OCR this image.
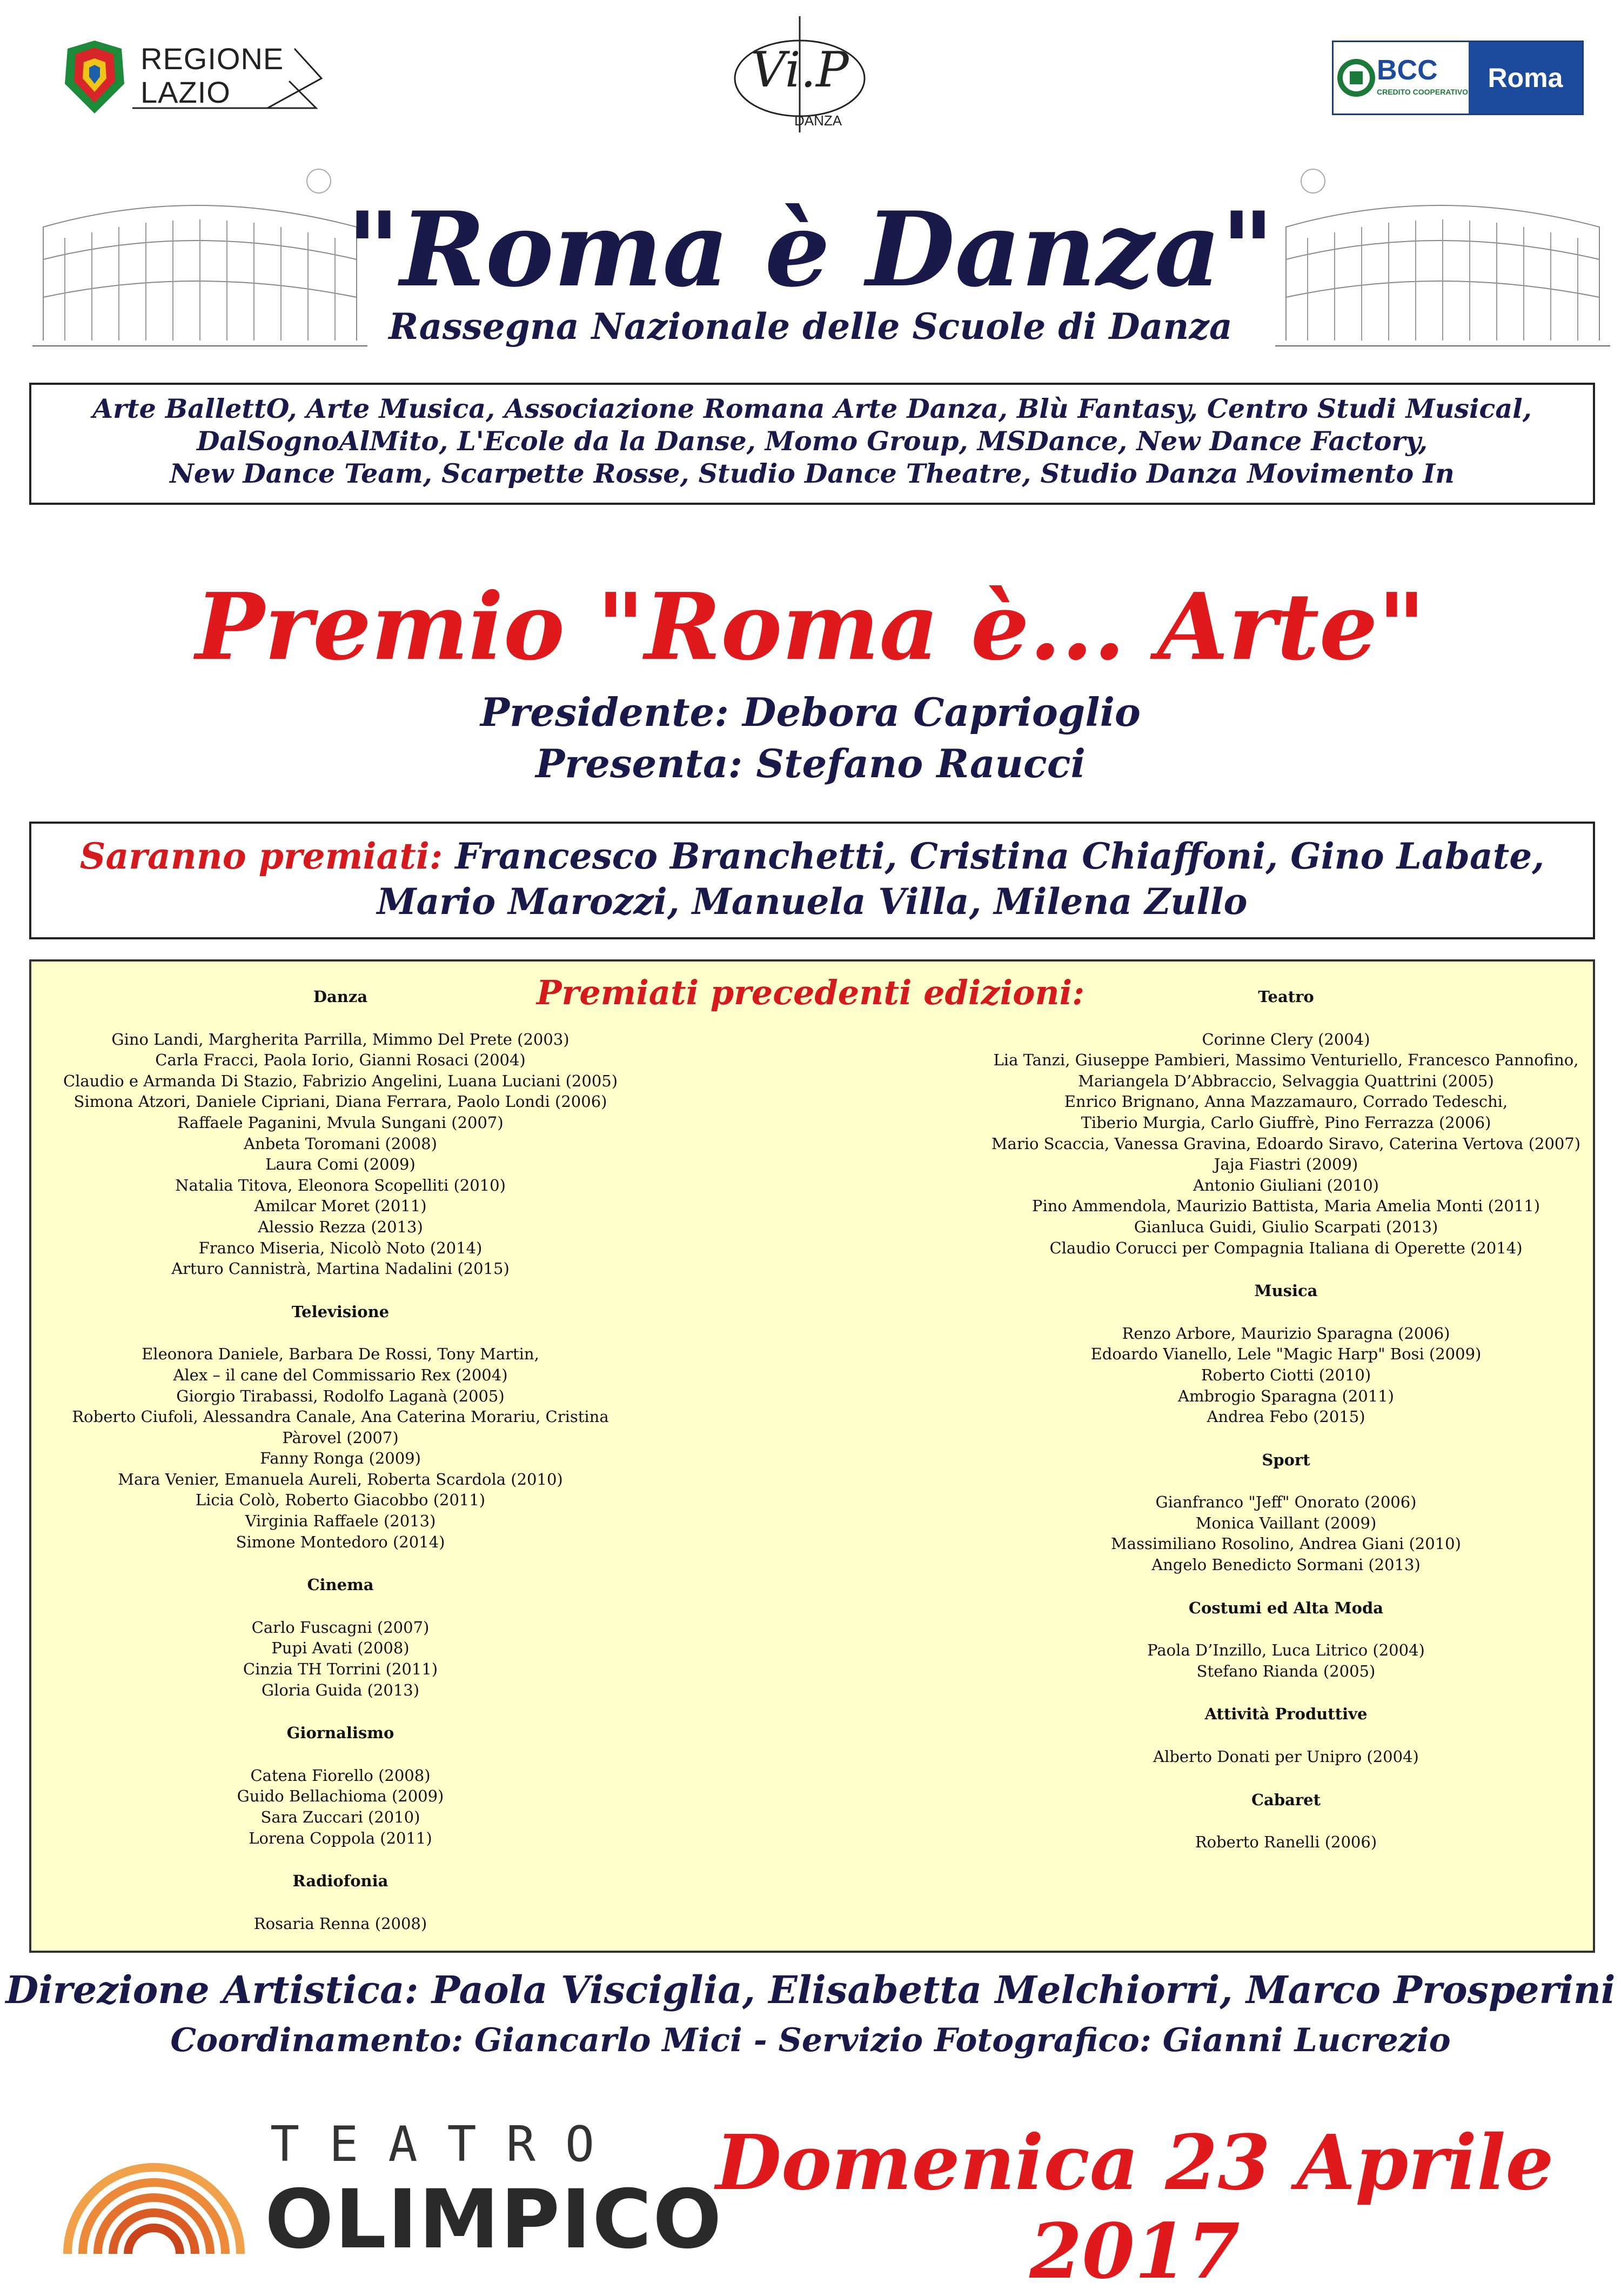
REGIONE
LAZIO	Vi.P
DANZA
BCC
CREDITO COOPERATIVO Roma
"Roma è Danza"
Rassegna Nazionale delle Scuole di Danza
Arte BallettO, Arte Musica, Associazione Romana Arte Danza, Blù Fantasy, Centro Studi Musical,
DalSognoAlMito, L'Ecole da la Danse, Momo Group, MSDance, New Dance Factory,
New Dance Team, Scarpette Rosse, Studio Dance Theatre, Studio Danza Movimento In
Premio "Roma è... Arte"
Presidente: Debora Caprioglio
Presenta: Stefano Raucci
Saranno premiati: Francesco Branchetti, Cristina Chiaffoni, Gino Labate,
Mario Marozzi, Manuela Villa, Milena Zullo
Premiati precedenti edizioni:
Danza
Gino Landi, Margherita Parrilla, Mimmo Del Prete (2003)
Carla Fracci, Paola Iorio, Gianni Rosaci (2004)
Claudio e Armanda Di Stazio, Fabrizio Angelini, Luana Luciani (2005)
Simona Atzori, Daniele Cipriani, Diana Ferrara, Paolo Londi (2006)
Raffaele Paganini, Mvula Sungani (2007)
Anbeta Toromani (2008)
Laura Comi (2009)
Natalia Titova, Eleonora Scopelliti (2010)
Amilcar Moret (2011)
Alessio Rezza (2013)
Franco Miseria, Nicolò Noto (2014)
Arturo Cannistrà, Martina Nadalini (2015)
Televisione
Eleonora Daniele, Barbara De Rossi, Tony Martin,
Alex – il cane del Commissario Rex (2004)
Giorgio Tirabassi, Rodolfo Laganà (2005)
Roberto Ciufoli, Alessandra Canale, Ana Caterina Morariu, Cristina Pàrovel (2007)
Fanny Ronga (2009)
Mara Venier, Emanuela Aureli, Roberta Scardola (2010)
Licia Colò, Roberto Giacobbo (2011)
Virginia Raffaele (2013)
Simone Montedoro (2014)
Cinema
Carlo Fuscagni (2007)
Pupi Avati (2008)
Cinzia TH Torrini (2011)
Gloria Guida (2013)
Giornalismo
Catena Fiorello (2008)
Guido Bellachioma (2009)
Sara Zuccari (2010)
Lorena Coppola (2011)
Radiofonia
Rosaria Renna (2008)
Teatro
Corinne Clery (2004)
Lia Tanzi, Giuseppe Pambieri, Massimo Venturiello, Francesco Pannofino,
Mariangela D’Abbraccio, Selvaggia Quattrini (2005)
Enrico Brignano, Anna Mazzamauro, Corrado Tedeschi,
Tiberio Murgia, Carlo Giuffrè, Pino Ferrazza (2006)
Mario Scaccia, Vanessa Gravina, Edoardo Siravo, Caterina Vertova (2007)
Jaja Fiastri (2009)
Antonio Giuliani (2010)
Pino Ammendola, Maurizio Battista, Maria Amelia Monti (2011)
Gianluca Guidi, Giulio Scarpati (2013)
Claudio Corucci per Compagnia Italiana di Operette (2014)
Musica
Renzo Arbore, Maurizio Sparagna (2006)
Edoardo Vianello, Lele "Magic Harp" Bosi (2009)
Roberto Ciotti (2010)
Ambrogio Sparagna (2011)
Andrea Febo (2015)
Sport
Gianfranco "Jeff" Onorato (2006)
Monica Vaillant (2009)
Massimiliano Rosolino, Andrea Giani (2010)
Angelo Benedicto Sormani (2013)
Costumi ed Alta Moda
Paola D’Inzillo, Luca Litrico (2004)
Stefano Rianda (2005)
Attività Produttive
Alberto Donati per Unipro (2004)
Cabaret
Roberto Ranelli (2006)
Direzione Artistica: Paola Visciglia, Elisabetta Melchiorri, Marco Prosperini
Coordinamento: Giancarlo Mici - Servizio Fotografico: Gianni Lucrezio
TEATRO
OLIMPICO
Domenica 23 Aprile 2017
